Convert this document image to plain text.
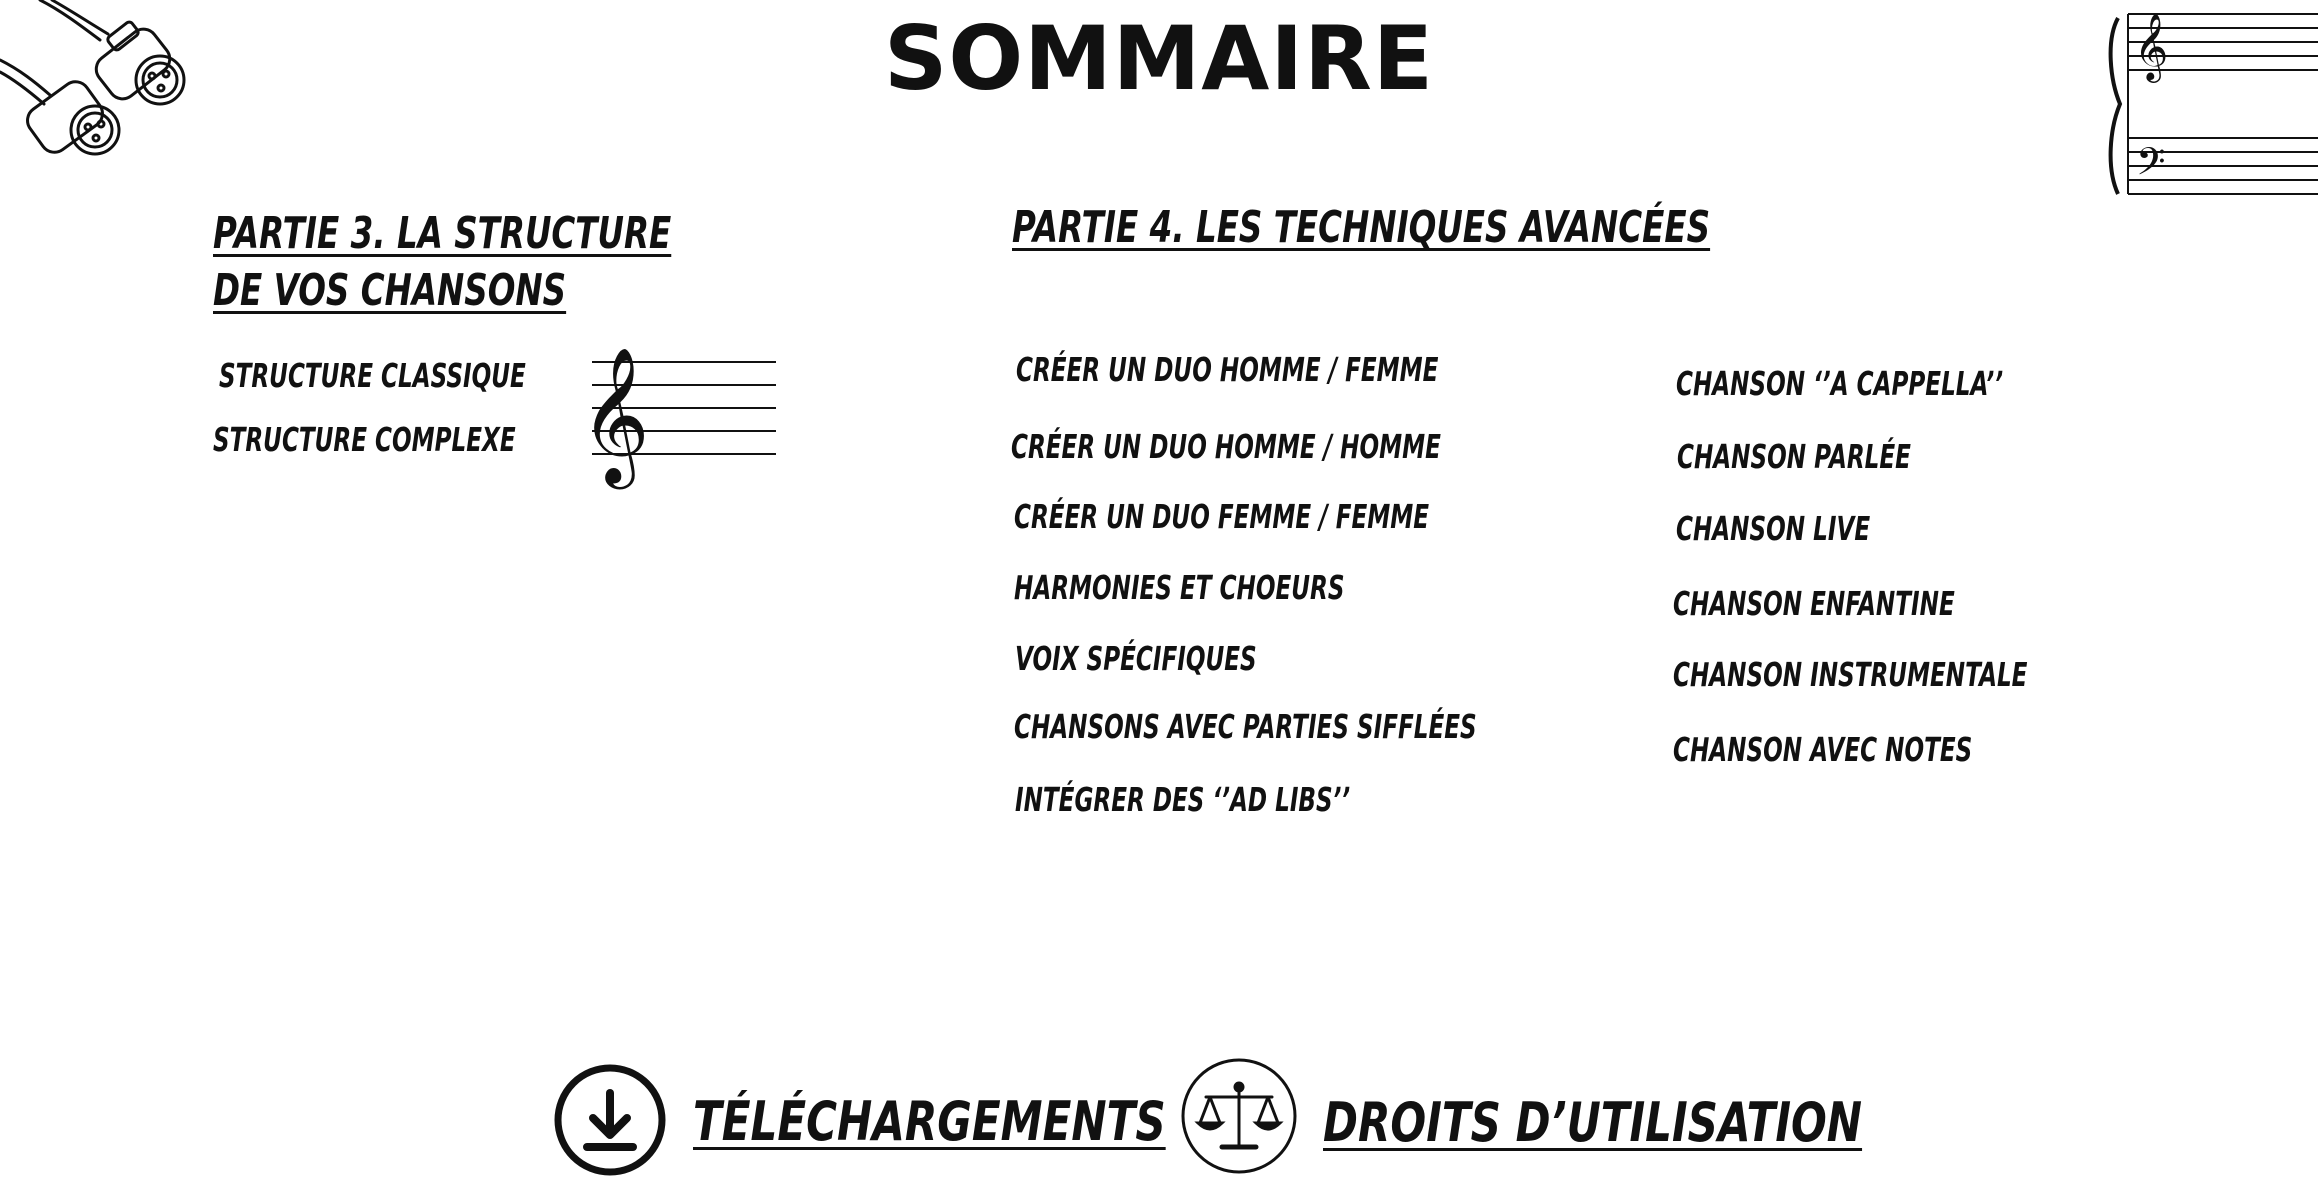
𝄞
𝄢
SOMMAIRE
PARTIE 3. LA STRUCTURE
DE VOS CHANSONS
STRUCTURE CLASSIQUE
STRUCTURE COMPLEXE 𝄞
PARTIE 4. LES TECHNIQUES AVANCÉES
CRÉER UN DUO HOMME / FEMME
CRÉER UN DUO HOMME / HOMME
CRÉER UN DUO FEMME / FEMME
HARMONIES ET CHOEURS
VOIX SPÉCIFIQUES
CHANSONS AVEC PARTIES SIFFLÉES
INTÉGRER DES ‘’AD LIBS’’
CHANSON ‘’A CAPPELLA’’
CHANSON PARLÉE
CHANSON LIVE
CHANSON ENFANTINE
CHANSON INSTRUMENTALE
CHANSON AVEC NOTES
TÉLÉCHARGEMENTS	DROITS D’UTILISATION
